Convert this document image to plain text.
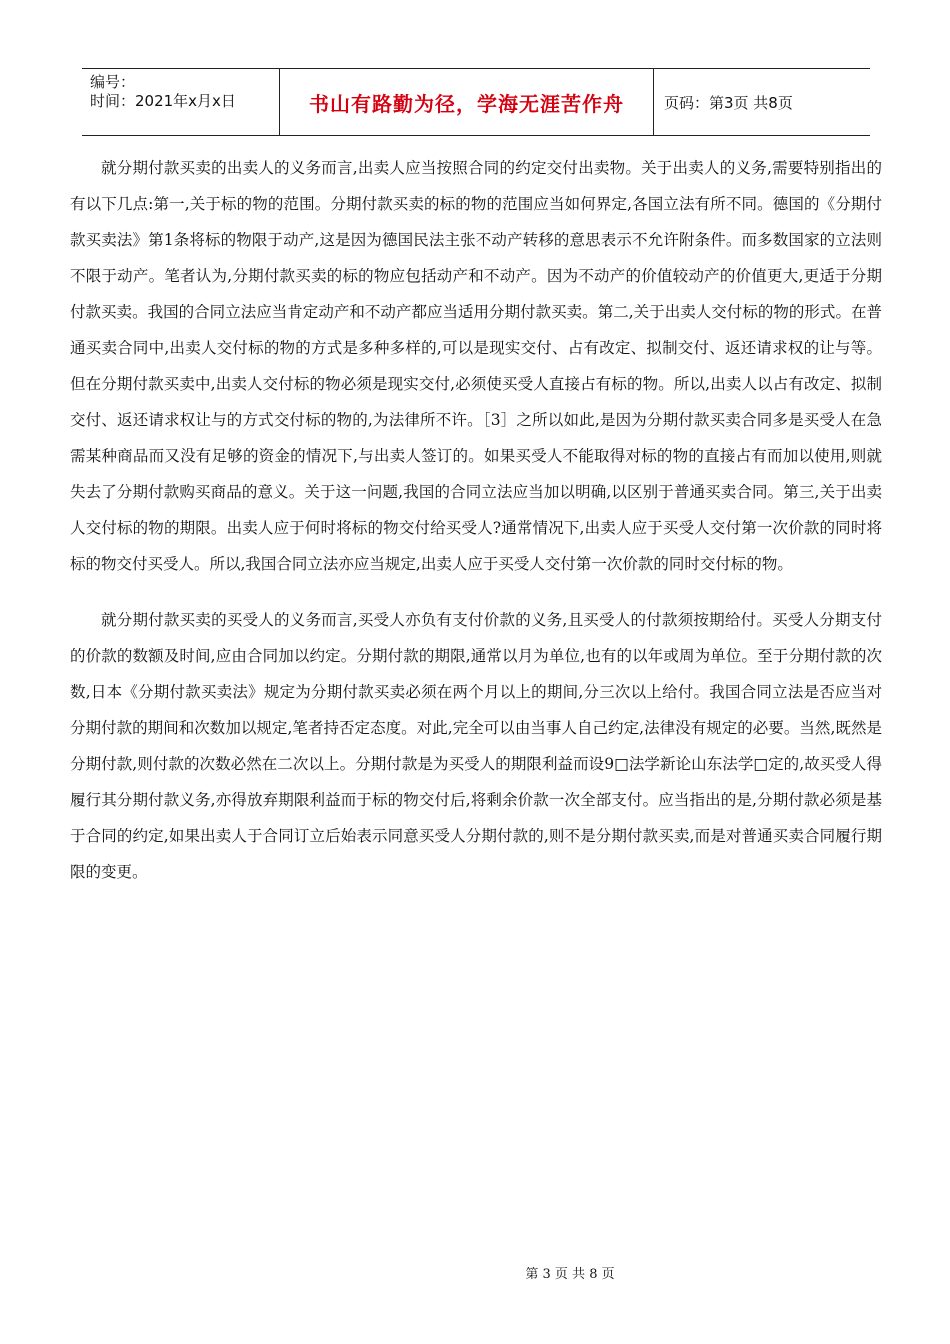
编号：
时间：2021年x月x日	书山有路勤为径，学海无涯苦作舟	页码：第3页 共8页

就分期付款买卖的出卖人的义务而言,出卖人应当按照合同的约定交付出卖物。关于出卖人的义务,需要特别指出的有以下几点:第一,关于标的物的范围。分期付款买卖的标的物的范围应当如何界定,各国立法有所不同。德国的《分期付款买卖法》第1条将标的物限于动产,这是因为德国民法主张不动产转移的意思表示不允许附条件。而多数国家的立法则不限于动产。笔者认为,分期付款买卖的标的物应包括动产和不动产。因为不动产的价值较动产的价值更大,更适于分期付款买卖。我国的合同立法应当肯定动产和不动产都应当适用分期付款买卖。第二,关于出卖人交付标的物的形式。在普通买卖合同中,出卖人交付标的物的方式是多种多样的,可以是现实交付、占有改定、拟制交付、返还请求权的让与等。但在分期付款买卖中,出卖人交付标的物必须是现实交付,必须使买受人直接占有标的物。所以,出卖人以占有改定、拟制交付、返还请求权让与的方式交付标的物的,为法律所不许。［3］之所以如此,是因为分期付款买卖合同多是买受人在急需某种商品而又没有足够的资金的情况下,与出卖人签订的。如果买受人不能取得对标的物的直接占有而加以使用,则就失去了分期付款购买商品的意义。关于这一问题,我国的合同立法应当加以明确,以区别于普通买卖合同。第三,关于出卖人交付标的物的期限。出卖人应于何时将标的物交付给买受人?通常情况下,出卖人应于买受人交付第一次价款的同时将标的物交付买受人。所以,我国合同立法亦应当规定,出卖人应于买受人交付第一次价款的同时交付标的物。

就分期付款买卖的买受人的义务而言,买受人亦负有支付价款的义务,且买受人的付款须按期给付。买受人分期支付的价款的数额及时间,应由合同加以约定。分期付款的期限,通常以月为单位,也有的以年或周为单位。至于分期付款的次数,日本《分期付款买卖法》规定为分期付款买卖必须在两个月以上的期间,分三次以上给付。我国合同立法是否应当对分期付款的期间和次数加以规定,笔者持否定态度。对此,完全可以由当事人自己约定,法律没有规定的必要。当然,既然是分期付款,则付款的次数必然在二次以上。分期付款是为买受人的期限利益而设9□法学新论山东法学□定的,故买受人得履行其分期付款义务,亦得放弃期限利益而于标的物交付后,将剩余价款一次全部支付。应当指出的是,分期付款必须是基于合同的约定,如果出卖人于合同订立后始表示同意买受人分期付款的,则不是分期付款买卖,而是对普通买卖合同履行期限的变更。

第 3 页 共 8 页
